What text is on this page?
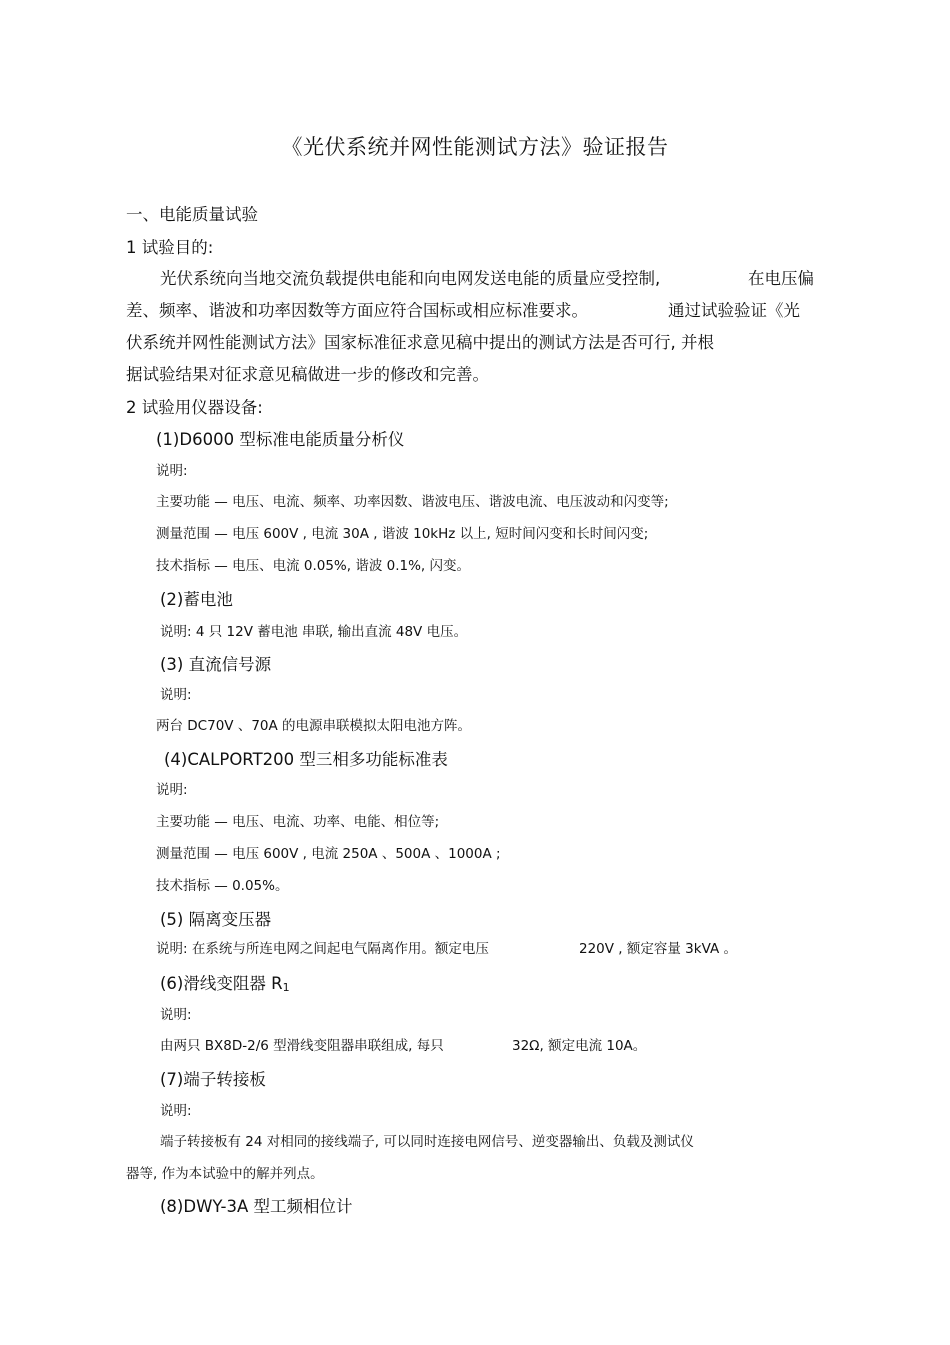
《光伏系统并网性能测试方法》验证报告
一、电能质量试验
1 试验目的:
光伏系统向当地交流负载提供电能和向电网发送电能的质量应受控制,	在电压偏
差、频率、谐波和功率因数等方面应符合国标或相应标准要求。	通过试验验证《光
伏系统并网性能测试方法》国家标准征求意见稿中提出的测试方法是否可行, 并根
据试验结果对征求意见稿做进一步的修改和完善。
2 试验用仪器设备:
(1)D6000 型标准电能质量分析仪
说明:
主要功能 — 电压、电流、频率、功率因数、谐波电压、谐波电流、电压波动和闪变等;
测量范围 — 电压 600V , 电流 30A , 谐波 10kHz 以上, 短时间闪变和长时间闪变;
技术指标 — 电压、电流 0.05%, 谐波 0.1%, 闪变。
(2)蓄电池
说明: 4 只 12V 蓄电池 串联, 输出直流 48V 电压。
(3) 直流信号源
说明:
两台 DC70V 、70A 的电源串联模拟太阳电池方阵。
(4)CALPORT200 型三相多功能标准表
说明:
主要功能 — 电压、电流、功率、电能、相位等;
测量范围 — 电压 600V , 电流 250A 、500A 、1000A ;
技术指标 — 0.05%。
(5) 隔离变压器
说明: 在系统与所连电网之间起电气隔离作用。额定电压	220V , 额定容量 3kVA 。
(6)滑线变阻器 R1
说明:
由两只 BX8D-2/6 型滑线变阻器串联组成, 每只	32Ω, 额定电流 10A。
(7)端子转接板
说明:
端子转接板有 24 对相同的接线端子, 可以同时连接电网信号、逆变器输出、负载及测试仪
器等, 作为本试验中的解并列点。
(8)DWY-3A 型工频相位计
